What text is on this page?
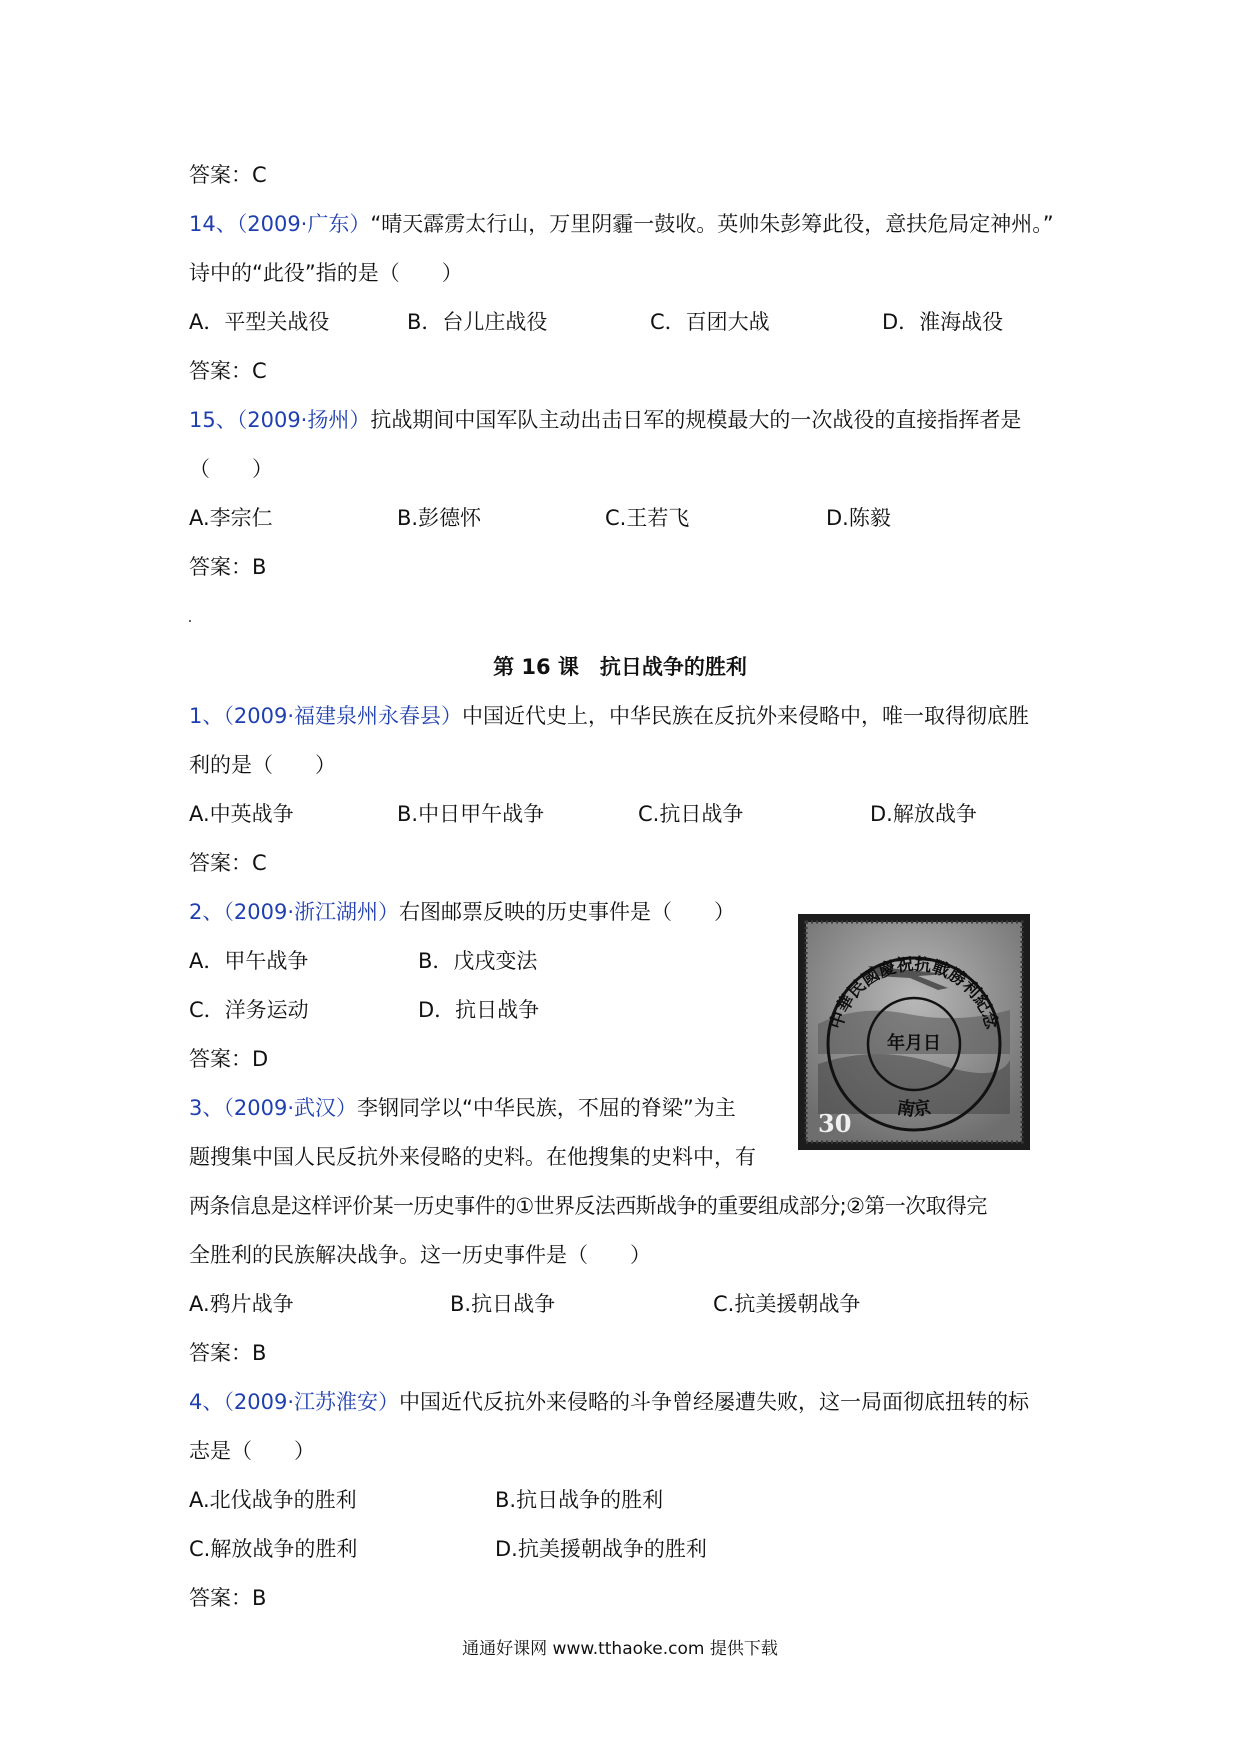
答案：C
14、（2009·广东）“晴天霹雳太行山，万里阴霾一鼓收。英帅朱彭筹此役，意扶危局定神州。”
诗中的“此役”指的是（　　）
A．平型关战役	B．台儿庄战役	C．百团大战	D．淮海战役
答案：C
15、（2009·扬州）抗战期间中国军队主动出击日军的规模最大的一次战役的直接指挥者是
（　　）
A.李宗仁	B.彭德怀	C.王若飞	D.陈毅
答案：B
第 16 课　抗日战争的胜利
1、（2009·福建泉州永春县）中国近代史上，中华民族在反抗外来侵略中，唯一取得彻底胜
利的是（　　）
A.中英战争	B.中日甲午战争	C.抗日战争	D.解放战争
答案：C
2、（2009·浙江湖州）右图邮票反映的历史事件是（　　）
A．甲午战争	B．戊戌变法
C．洋务运动	D．抗日战争
答案：D
中華民國慶祝抗戰勝利紀念
年月日
南京
30
3、（2009·武汉）李钢同学以“中华民族，不屈的脊梁”为主
题搜集中国人民反抗外来侵略的史料。在他搜集的史料中，有
两条信息是这样评价某一历史事件的①世界反法西斯战争的重要组成部分;②第一次取得完
全胜利的民族解决战争。这一历史事件是（　　）
A.鸦片战争	B.抗日战争	C.抗美援朝战争
答案：B
4、（2009·江苏淮安）中国近代反抗外来侵略的斗争曾经屡遭失败，这一局面彻底扭转的标
志是（　　）
A.北伐战争的胜利	B.抗日战争的胜利
C.解放战争的胜利	D.抗美援朝战争的胜利
答案：B
通通好课网 www.tthaoke.com 提供下载
